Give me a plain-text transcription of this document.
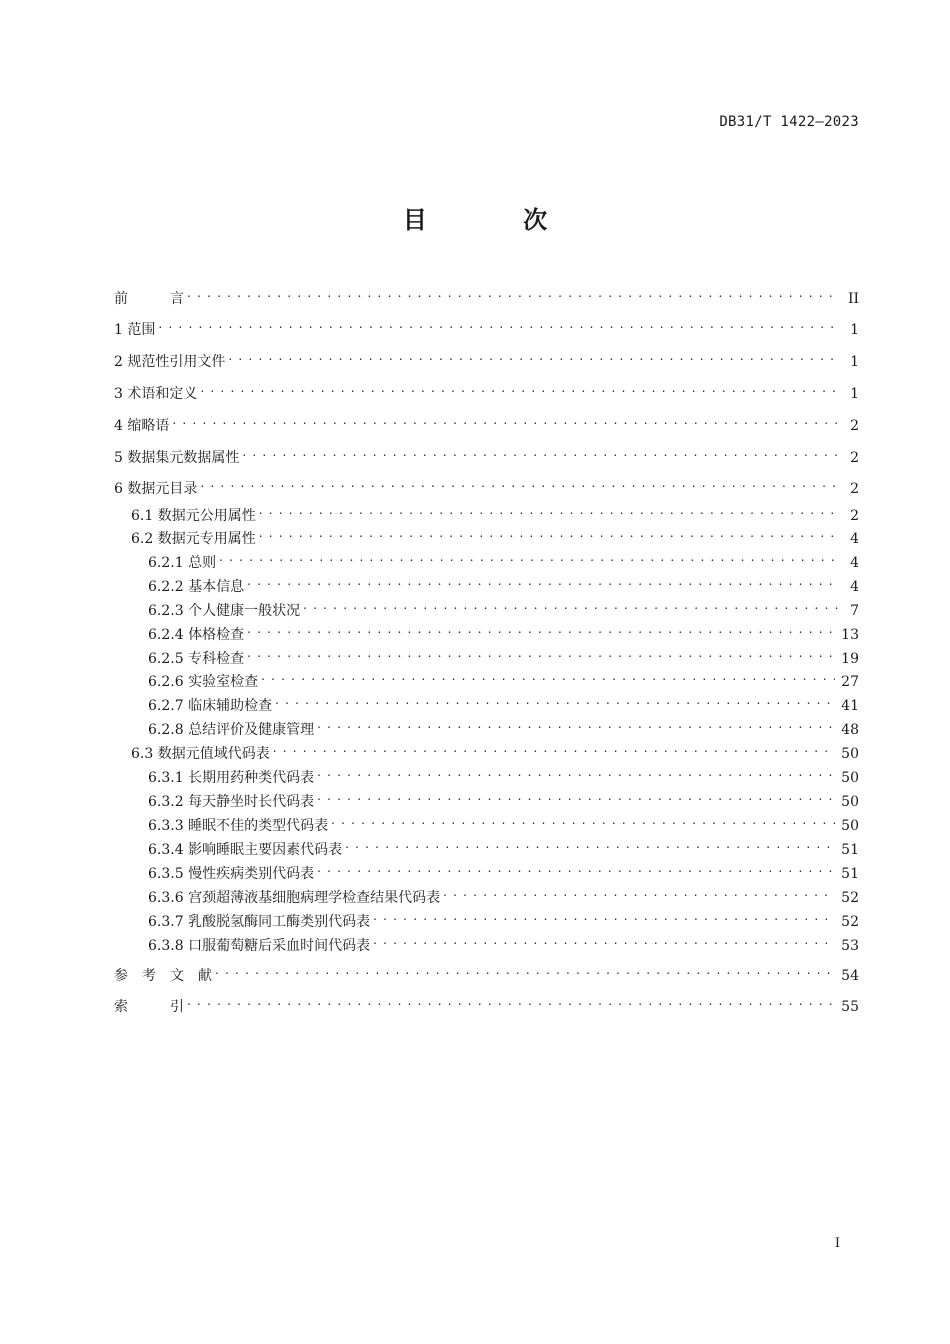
DB31/T 1422—2023
目 次
前　　　言 . . .	II
1 范围 . . .	1
2 规范性引用文件 . . .	1
3 术语和定义 . . .	1
4 缩略语 . . .	2
5 数据集元数据属性 . . .	2
6 数据元目录 . . .	2
6.1 数据元公用属性 . . .	2
6.2 数据元专用属性 . . .	4
6.2.1 总则 . . .	4
6.2.2 基本信息 . . .	4
6.2.3 个人健康一般状况 . . .	7
6.2.4 体格检查 . . .	13
6.2.5 专科检查 . . .	19
6.2.6 实验室检查 . . .	27
6.2.7 临床辅助检查 . . .	41
6.2.8 总结评价及健康管理 . . .	48
6.3 数据元值域代码表 . . .	50
6.3.1 长期用药种类代码表 . . .	50
6.3.2 每天静坐时长代码表 . . .	50
6.3.3 睡眠不佳的类型代码表 . . .	50
6.3.4 影响睡眠主要因素代码表 . . .	51
6.3.5 慢性疾病类别代码表 . . .	51
6.3.6 宫颈超薄液基细胞病理学检查结果代码表 . . .	52
6.3.7 乳酸脱氢酶同工酶类别代码表 . . .	52
6.3.8 口服葡萄糖后采血时间代码表 . . .	53
参　考　文　献 . . .	54
索　　　引 . . .	55
I
